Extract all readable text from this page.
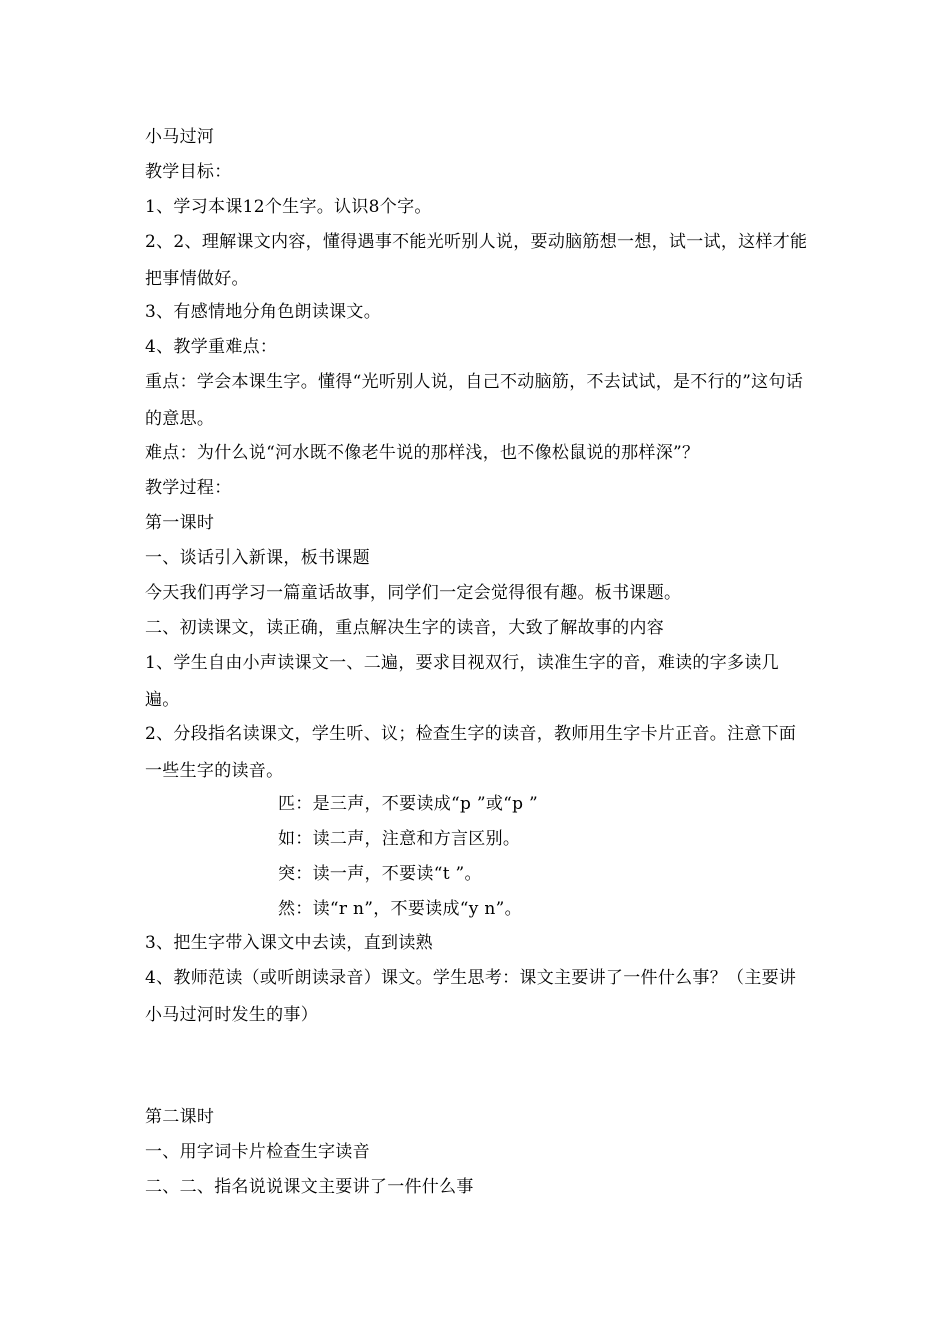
小马过河
教学目标：
1、学习本课12个生字。认识8个字。
2、2、理解课文内容，懂得遇事不能光听别人说，要动脑筋想一想，试一试，这样才能把事情做好。
3、有感情地分角色朗读课文。
4、教学重难点：
重点：学会本课生字。懂得“光听别人说，自己不动脑筋，不去试试，是不行的”这句话的意思。
难点：为什么说“河水既不像老牛说的那样浅，也不像松鼠说的那样深”？
教学过程：
第一课时
一、谈话引入新课，板书课题
今天我们再学习一篇童话故事，同学们一定会觉得很有趣。板书课题。
二、初读课文，读正确，重点解决生字的读音，大致了解故事的内容
1、学生自由小声读课文一、二遍，要求目视双行，读准生字的音，难读的字多读几遍。
2、分段指名读课文，学生听、议；检查生字的读音，教师用生字卡片正音。注意下面一些生字的读音。
匹：是三声，不要读成“p ”或“p ”
如：读二声，注意和方言区别。
突：读一声，不要读“t ”。
然：读“r n”，不要读成“y n”。
3、把生字带入课文中去读，直到读熟
4、教师范读（或听朗读录音）课文。学生思考：课文主要讲了一件什么事？（主要讲小马过河时发生的事）
第二课时
一、用字词卡片检查生字读音
二、二、指名说说课文主要讲了一件什么事
